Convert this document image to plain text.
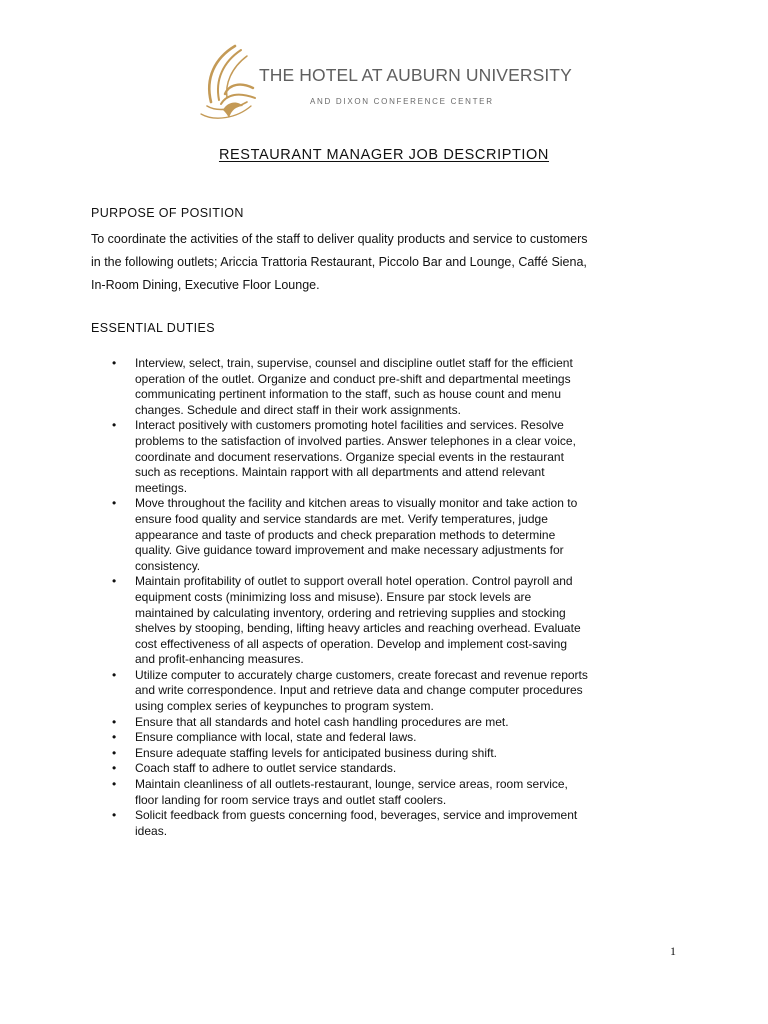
THE HOTEL AT AUBURN UNIVERSITY
AND DIXON CONFERENCE CENTER
RESTAURANT MANAGER JOB DESCRIPTION
PURPOSE OF POSITION
To coordinate the activities of the staff to deliver quality products and service to customers
in the following outlets; Ariccia Trattoria Restaurant, Piccolo Bar and Lounge, Caffé Siena,
In-Room Dining, Executive Floor Lounge.
ESSENTIAL DUTIES
• Interview, select, train, supervise, counsel and discipline outlet staff for the efficient
operation of the outlet. Organize and conduct pre-shift and departmental meetings
communicating pertinent information to the staff, such as house count and menu
changes. Schedule and direct staff in their work assignments.
• Interact positively with customers promoting hotel facilities and services. Resolve
problems to the satisfaction of involved parties. Answer telephones in a clear voice,
coordinate and document reservations. Organize special events in the restaurant
such as receptions. Maintain rapport with all departments and attend relevant
meetings.
• Move throughout the facility and kitchen areas to visually monitor and take action to
ensure food quality and service standards are met. Verify temperatures, judge
appearance and taste of products and check preparation methods to determine
quality. Give guidance toward improvement and make necessary adjustments for
consistency.
• Maintain profitability of outlet to support overall hotel operation. Control payroll and
equipment costs (minimizing loss and misuse). Ensure par stock levels are
maintained by calculating inventory, ordering and retrieving supplies and stocking
shelves by stooping, bending, lifting heavy articles and reaching overhead. Evaluate
cost effectiveness of all aspects of operation. Develop and implement cost-saving
and profit-enhancing measures.
• Utilize computer to accurately charge customers, create forecast and revenue reports
and write correspondence. Input and retrieve data and change computer procedures
using complex series of keypunches to program system.
• Ensure that all standards and hotel cash handling procedures are met.
• Ensure compliance with local, state and federal laws.
• Ensure adequate staffing levels for anticipated business during shift.
• Coach staff to adhere to outlet service standards.
• Maintain cleanliness of all outlets-restaurant, lounge, service areas, room service,
floor landing for room service trays and outlet staff coolers.
• Solicit feedback from guests concerning food, beverages, service and improvement
ideas.
1
